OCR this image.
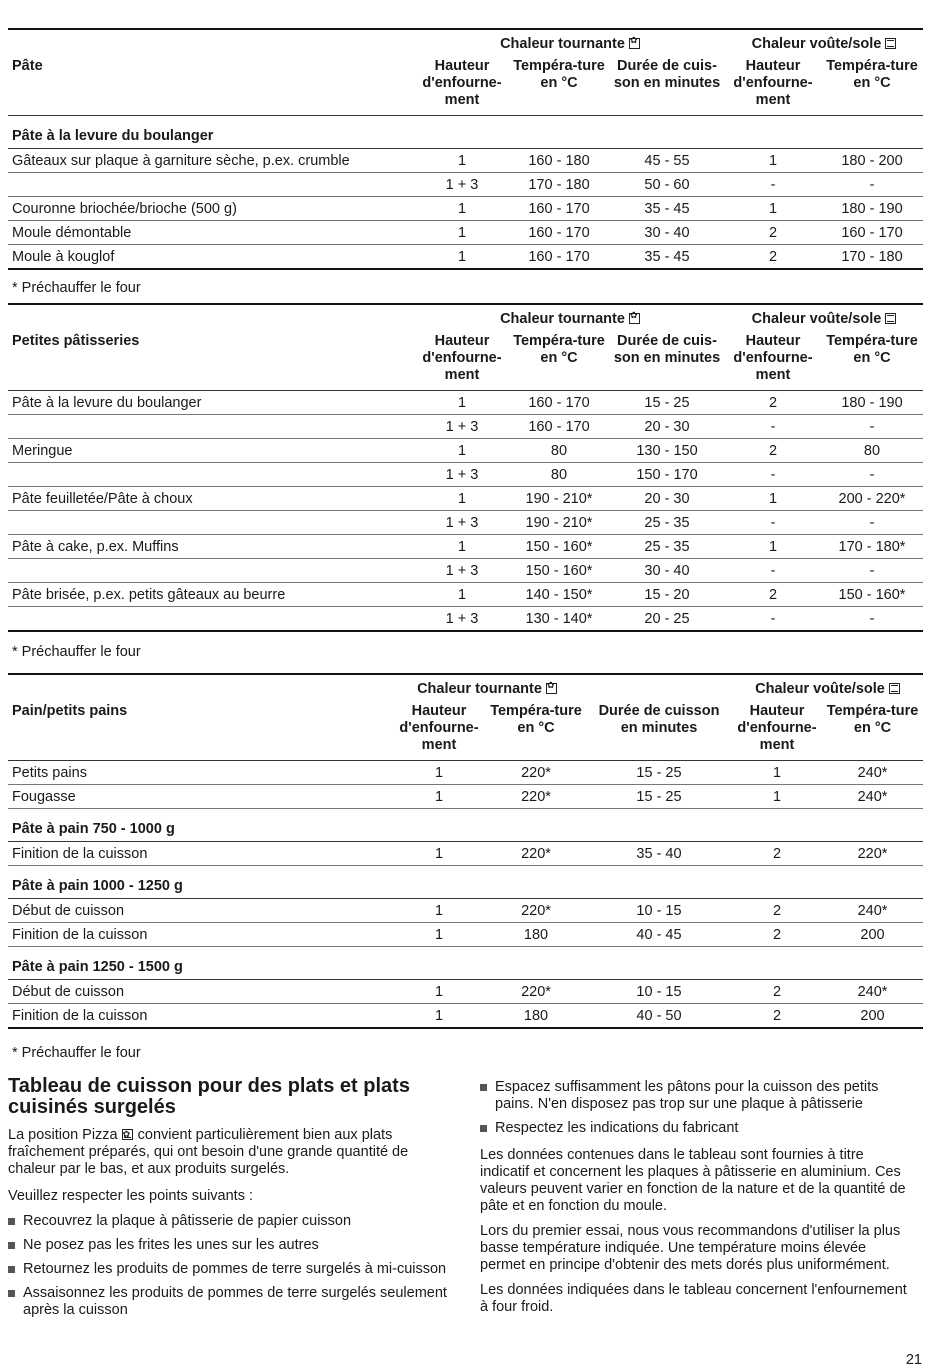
	Chaleur tournante✿			Chaleur voûte/sole	
Pâte	Hauteur d'enfourne-ment	Tempéra-ture en °C	Durée de cuis-son en minutes	Hauteur d'enfourne-ment	Tempéra-ture en °C
Pâte à la levure du boulanger					
Gâteaux sur plaque à garniture sèche, p.ex. crumble	1	160 - 180	45 - 55	1	180 - 200
	1 + 3	170 - 180	50 - 60	-	-
Couronne briochée/brioche (500 g)	1	160 - 170	35 - 45	1	180 - 190
Moule démontable	1	160 - 170	30 - 40	2	160 - 170
Moule à kouglof	1	160 - 170	35 - 45	2	170 - 180
* Préchauffer le four

	Chaleur tournante✿			Chaleur voûte/sole	
Petites pâtisseries	Hauteur d'enfourne-ment	Tempéra-ture en °C	Durée de cuis-son en minutes	Hauteur d'enfourne-ment	Tempéra-ture en °C
Pâte à la levure du boulanger	1	160 - 170	15 - 25	2	180 - 190
	1 + 3	160 - 170	20 - 30	-	-
Meringue	1	80	130 - 150	2	80
	1 + 3	80	150 - 170	-	-
Pâte feuilletée/Pâte à choux	1	190 - 210*	20 - 30	1	200 - 220*
	1 + 3	190 - 210*	25 - 35	-	-
Pâte à cake, p.ex. Muffins	1	150 - 160*	25 - 35	1	170 - 180*
	1 + 3	150 - 160*	30 - 40	-	-
Pâte brisée, p.ex. petits gâteaux au beurre	1	140 - 150*	15 - 20	2	150 - 160*
	1 + 3	130 - 140*	20 - 25	-	-
* Préchauffer le four

	Chaleur tournante✿			Chaleur voûte/sole	
Pain/petits pains	Hauteur d'enfourne-ment	Tempéra-ture en °C	Durée de cuisson en minutes	Hauteur d'enfourne-ment	Tempéra-ture en °C
Petits pains	1	220*	15 - 25	1	240*
Fougasse	1	220*	15 - 25	1	240*
Pâte à pain 750 - 1000 g					
Finition de la cuisson	1	220*	35 - 40	2	220*
Pâte à pain 1000 - 1250 g					
Début de cuisson	1	220*	10 - 15	2	240*
Finition de la cuisson	1	180	40 - 45	2	200
Pâte à pain 1250 - 1500 g					
Début de cuisson	1	220*	10 - 15	2	240*
Finition de la cuisson	1	180	40 - 50	2	200
* Préchauffer le four
Tableau de cuisson pour des plats et plats cuisinés surgelés

La position Pizza ✿ convient particulièrement bien aux plats fraîchement préparés, qui ont besoin d'une grande quantité de chaleur par le bas, et aux produits surgelés.

Veuillez respecter les points suivants :

Recouvrez la plaque à pâtisserie de papier cuisson
Ne posez pas les frites les unes sur les autres
Retournez les produits de pommes de terre surgelés à mi-cuisson
Assaisonnez les produits de pommes de terre surgelés seulement après la cuisson
Espacez suffisamment les pâtons pour la cuisson des petits pains. N'en disposez pas trop sur une plaque à pâtisserie
Respectez les indications du fabricant

Les données contenues dans le tableau sont fournies à titre indicatif et concernent les plaques à pâtisserie en aluminium. Ces valeurs peuvent varier en fonction de la nature et de la quantité de pâte et en fonction du moule.

Lors du premier essai, nous vous recommandons d'utiliser la plus basse température indiquée. Une température moins élevée permet en principe d'obtenir des mets dorés plus uniformément.

Les données indiquées dans le tableau concernent l'enfournement à four froid.

21
